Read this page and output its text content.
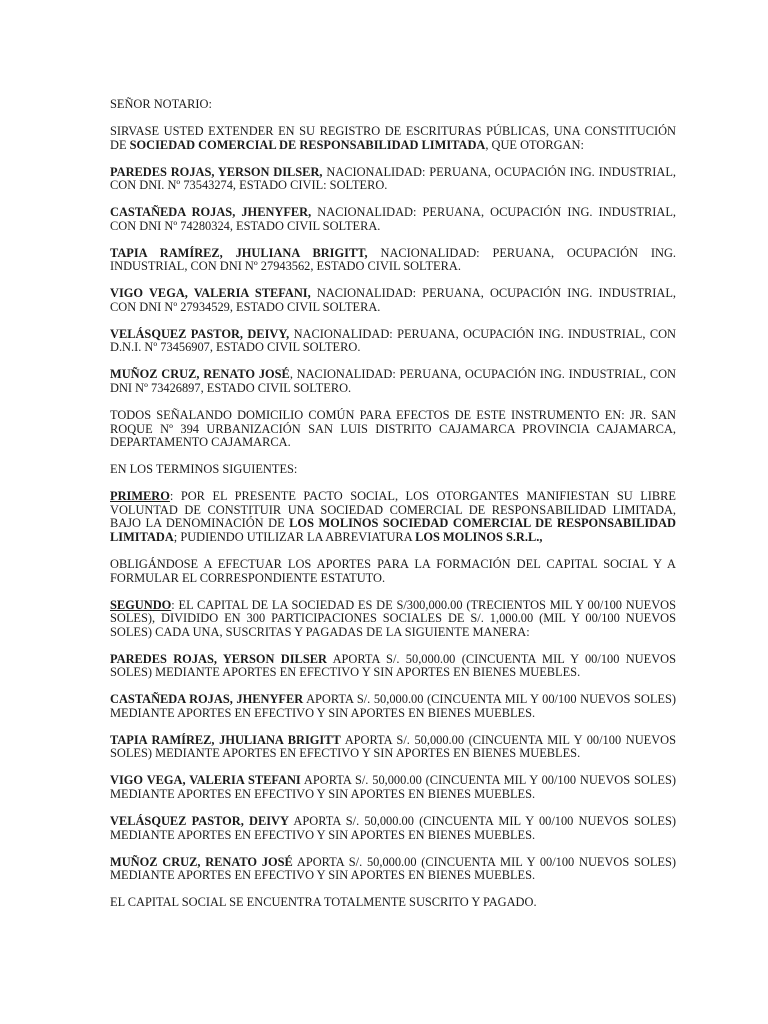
SEÑOR NOTARIO:

SIRVASE USTED EXTENDER EN SU REGISTRO DE ESCRITURAS PÚBLICAS, UNA CONSTITUCIÓN DE SOCIEDAD COMERCIAL DE RESPONSABILIDAD LIMITADA, QUE OTORGAN:

PAREDES ROJAS, YERSON DILSER, NACIONALIDAD: PERUANA, OCUPACIÓN ING. INDUSTRIAL, CON DNI. Nº 73543274, ESTADO CIVIL: SOLTERO.

CASTAÑEDA ROJAS, JHENYFER, NACIONALIDAD: PERUANA, OCUPACIÓN ING. INDUSTRIAL, CON DNI Nº 74280324, ESTADO CIVIL SOLTERA.

TAPIA RAMÍREZ, JHULIANA BRIGITT, NACIONALIDAD: PERUANA, OCUPACIÓN ING. INDUSTRIAL, CON DNI Nº 27943562, ESTADO CIVIL SOLTERA.

VIGO VEGA, VALERIA STEFANI, NACIONALIDAD: PERUANA, OCUPACIÓN ING. INDUSTRIAL, CON DNI Nº 27934529, ESTADO CIVIL SOLTERA.

VELÁSQUEZ PASTOR, DEIVY, NACIONALIDAD: PERUANA, OCUPACIÓN ING. INDUSTRIAL, CON D.N.I. Nº 73456907, ESTADO CIVIL SOLTERO.

MUÑOZ CRUZ, RENATO JOSÉ, NACIONALIDAD: PERUANA, OCUPACIÓN ING. INDUSTRIAL, CON DNI Nº 73426897, ESTADO CIVIL SOLTERO.

TODOS SEÑALANDO DOMICILIO COMÚN PARA EFECTOS DE ESTE INSTRUMENTO EN: JR. SAN ROQUE Nº 394 URBANIZACIÓN SAN LUIS DISTRITO CAJAMARCA PROVINCIA CAJAMARCA, DEPARTAMENTO CAJAMARCA.

EN LOS TERMINOS SIGUIENTES:

PRIMERO: POR EL PRESENTE PACTO SOCIAL, LOS OTORGANTES MANIFIESTAN SU LIBRE VOLUNTAD DE CONSTITUIR UNA SOCIEDAD COMERCIAL DE RESPONSABILIDAD LIMITADA, BAJO LA DENOMINACIÓN DE LOS MOLINOS SOCIEDAD COMERCIAL DE RESPONSABILIDAD LIMITADA; PUDIENDO UTILIZAR LA ABREVIATURA LOS MOLINOS S.R.L.,

OBLIGÁNDOSE A EFECTUAR LOS APORTES PARA LA FORMACIÓN DEL CAPITAL SOCIAL Y A FORMULAR EL CORRESPONDIENTE ESTATUTO.

SEGUNDO: EL CAPITAL DE LA SOCIEDAD ES DE S/300,000.00 (TRECIENTOS MIL Y 00/100 NUEVOS SOLES), DIVIDIDO EN 300 PARTICIPACIONES SOCIALES DE S/. 1,000.00 (MIL Y 00/100 NUEVOS SOLES) CADA UNA, SUSCRITAS Y PAGADAS DE LA SIGUIENTE MANERA:

PAREDES ROJAS, YERSON DILSER APORTA S/. 50,000.00 (CINCUENTA MIL Y 00/100 NUEVOS SOLES) MEDIANTE APORTES EN EFECTIVO Y SIN APORTES EN BIENES MUEBLES.

CASTAÑEDA ROJAS, JHENYFER APORTA S/. 50,000.00 (CINCUENTA MIL Y 00/100 NUEVOS SOLES) MEDIANTE APORTES EN EFECTIVO Y SIN APORTES EN BIENES MUEBLES.

TAPIA RAMÍREZ, JHULIANA BRIGITT APORTA S/. 50,000.00 (CINCUENTA MIL Y 00/100 NUEVOS SOLES) MEDIANTE APORTES EN EFECTIVO Y SIN APORTES EN BIENES MUEBLES.

VIGO VEGA, VALERIA STEFANI APORTA S/. 50,000.00 (CINCUENTA MIL Y 00/100 NUEVOS SOLES) MEDIANTE APORTES EN EFECTIVO Y SIN APORTES EN BIENES MUEBLES.

VELÁSQUEZ PASTOR, DEIVY APORTA S/. 50,000.00 (CINCUENTA MIL Y 00/100 NUEVOS SOLES) MEDIANTE APORTES EN EFECTIVO Y SIN APORTES EN BIENES MUEBLES.

MUÑOZ CRUZ, RENATO JOSÉ APORTA S/. 50,000.00 (CINCUENTA MIL Y 00/100 NUEVOS SOLES) MEDIANTE APORTES EN EFECTIVO Y SIN APORTES EN BIENES MUEBLES.

EL CAPITAL SOCIAL SE ENCUENTRA TOTALMENTE SUSCRITO Y PAGADO.
